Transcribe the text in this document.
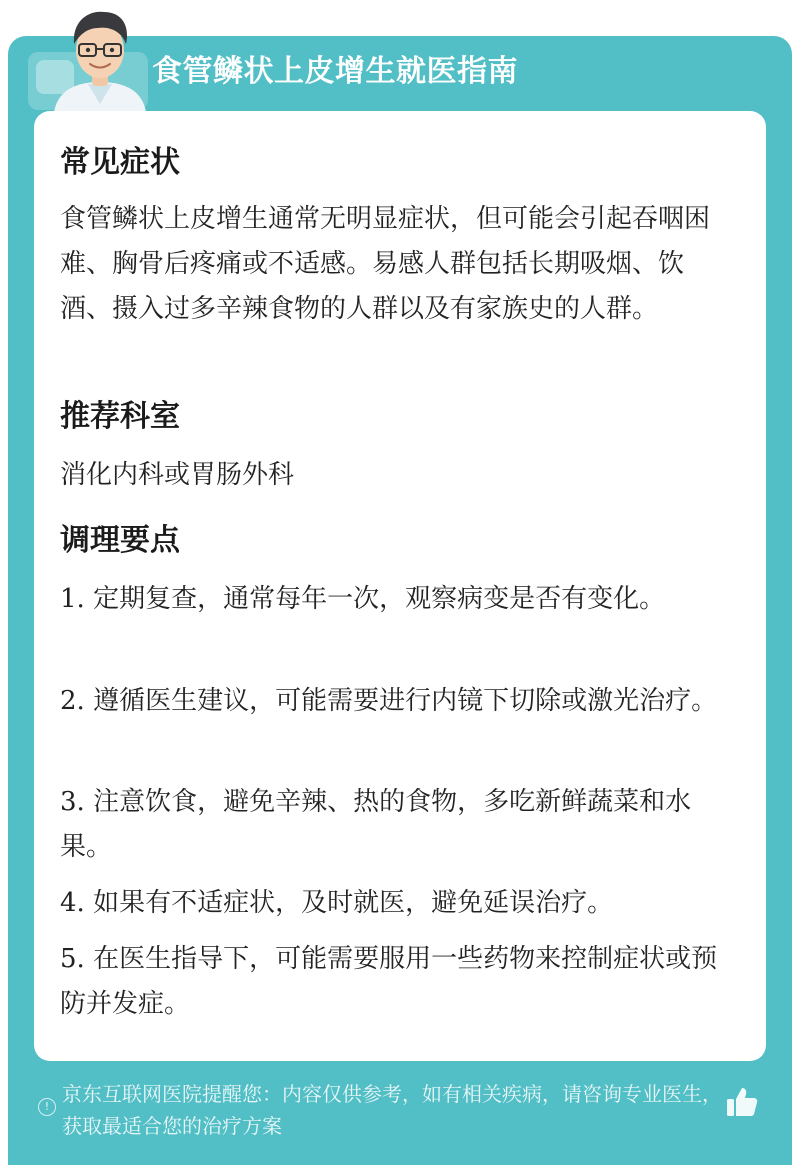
食管鳞状上皮增生就医指南
常见症状
食管鳞状上皮增生通常无明显症状，但可能会引起吞咽困难、胸骨后疼痛或不适感。易感人群包括长期吸烟、饮酒、摄入过多辛辣食物的人群以及有家族史的人群。
推荐科室
消化内科或胃肠外科
调理要点
1. 定期复查，通常每年一次，观察病变是否有变化。
2. 遵循医生建议，可能需要进行内镜下切除或激光治疗。
3. 注意饮食，避免辛辣、热的食物，多吃新鲜蔬菜和水果。
4. 如果有不适症状，及时就医，避免延误治疗。
5. 在医生指导下，可能需要服用一些药物来控制症状或预防并发症。
!
京东互联网医院提醒您：内容仅供参考，如有相关疾病，请咨询专业医生，获取最适合您的治疗方案
